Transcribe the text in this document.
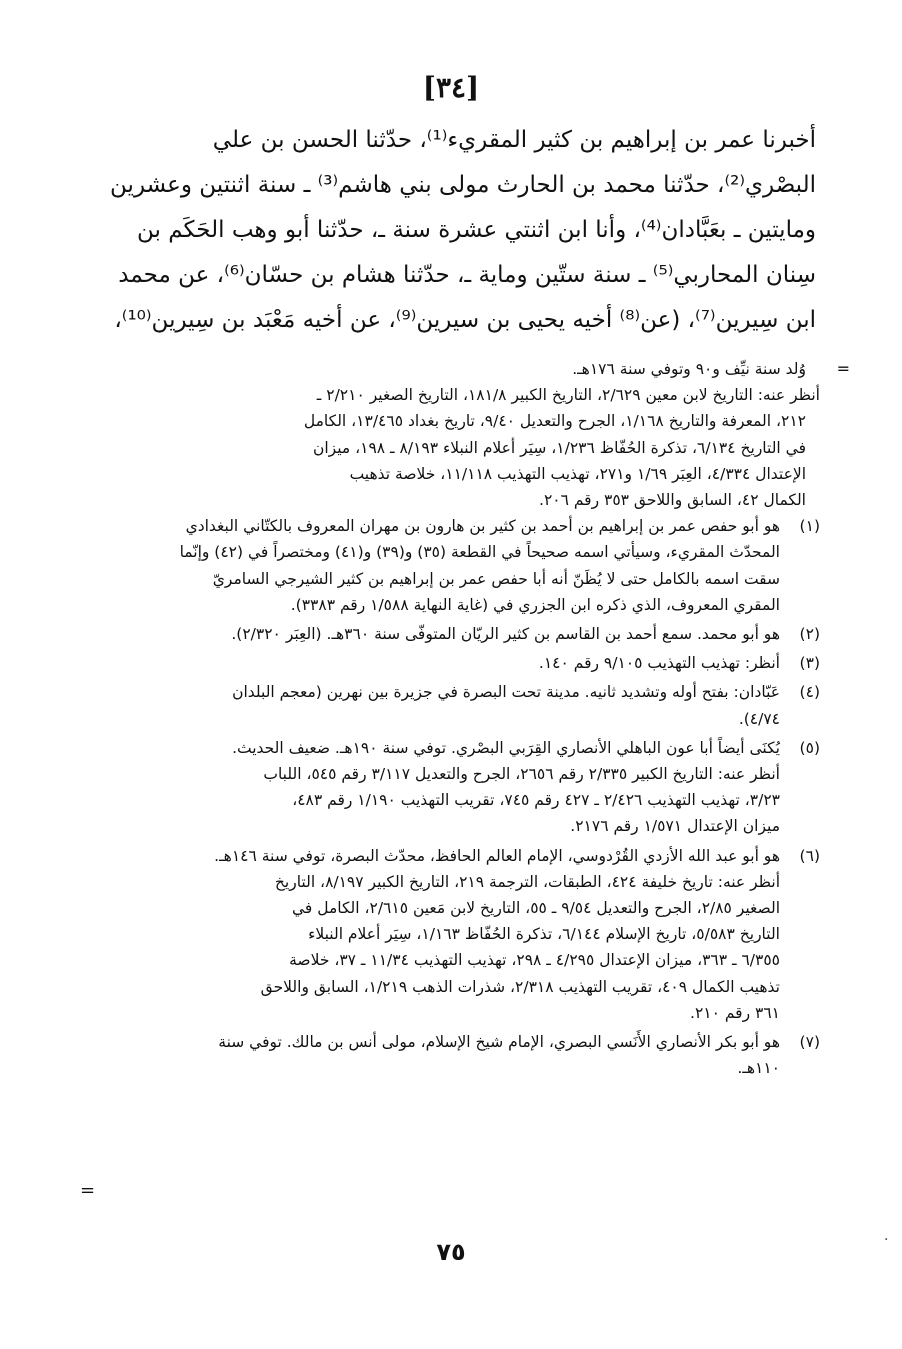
[٣٤]

أخبرنا عمر بن إبراهيم بن كثير المقريء⁽¹⁾، حدّثنا الحسن بن علي

البصْري⁽²⁾، حدّثنا محمد بن الحارث مولى بني هاشم⁽³⁾ ـ سنة اثنتين وعشرين

ومايتين ـ بعَبَّادان⁽⁴⁾، وأنا ابن اثنتي عشرة سنة ـ، حدّثنا أبو وهب الحَكَم بن

سِنان المحاربي⁽⁵⁾ ـ سنة ستّين وماية ـ، حدّثنا هشام بن حسّان⁽⁶⁾، عن محمد

ابن سِيرين⁽⁷⁾، (عن⁽⁸⁾ أخيه يحيى بن سيرين⁽⁹⁾، عن أخيه مَعْبَد بن سِيرين⁽¹⁰⁾،

=

وُلد سنة نيِّف و٩٠ وتوفي سنة ١٧٦هـ.

أنظر عنه: التاريخ لابن معين ٢/٦٢٩، التاريخ الكبير ١٨١/٨، التاريخ الصغير ٢/٢١٠ ـ

٢١٢، المعرفة والتاريخ ١/١٦٨، الجرح والتعديل ٩/٤٠، تاريخ بغداد ١٣/٤٦٥، الكامل

في التاريخ ٦/١٣٤، تذكرة الحُفّاظ ١/٢٣٦، سِيَر أعلام النبلاء ٨/١٩٣ ـ ١٩٨، ميزان

الإعتدال ٤/٣٣٤، العِبَر ١/٦٩ و٢٧١، تهذيب التهذيب ١١/١١٨، خلاصة تذهيب

الكمال ٤٢، السابق واللاحق ٣٥٣ رقم ٢٠٦.

(١)

هو أبو حفص عمر بن إبراهيم بن أحمد بن كثير بن هارون بن مهران المعروف بالكتّاني البغدادي

المحدّث المقريء، وسيأتي اسمه صحيحاً في القطعة (٣٥) و(٣٩) و(٤١) ومختصراً في (٤٢) وإنّما

سقت اسمه بالكامل حتى لا يُظَنّ أنه أبا حفص عمر بن إبراهيم بن كثير الشيرجي السامريّ

المقري المعروف، الذي ذكره ابن الجزري في (غاية النهاية ١/٥٨٨ رقم ٣٣٨٣).

(٢)

هو أبو محمد. سمع أحمد بن القاسم بن كثير الريّان المتوفّى سنة ٣٦٠هـ. (العِبَر ٢/٣٢٠).

(٣)

أنظر: تهذيب التهذيب ٩/١٠٥ رقم ١٤٠.

(٤)

عَبّادان: بفتح أوله وتشديد ثانيه. مدينة تحت البصرة في جزيرة بين نهرين (معجم البلدان

٤/٧٤).

(٥)

يُكنَى أيضاً أبا عون الباهلي الأنصاري القِرَبي البصْري. توفي سنة ١٩٠هـ. ضعيف الحديث.

أنظر عنه: التاريخ الكبير ٢/٣٣٥ رقم ٢٦٥٦، الجرح والتعديل ٣/١١٧ رقم ٥٤٥، اللباب

٣/٢٣، تهذيب التهذيب ٢/٤٢٦ ـ ٤٢٧ رقم ٧٤٥، تقريب التهذيب ١/١٩٠ رقم ٤٨٣،

ميزان الإعتدال ١/٥٧١ رقم ٢١٧٦.

(٦)

هو أبو عبد الله الأزدي القُرْدوسي، الإمام العالم الحافظ، محدّث البصرة، توفي سنة ١٤٦هـ.

أنظر عنه: تاريخ خليفة ٤٢٤، الطبقات، الترجمة ٢١٩، التاريخ الكبير ٨/١٩٧، التاريخ

الصغير ٢/٨٥، الجرح والتعديل ٩/٥٤ ـ ٥٥، التاريخ لابن مَعين ٢/٦١٥، الكامل في

التاريخ ٥/٥٨٣، تاريخ الإسلام ٦/١٤٤، تذكرة الحُفّاظ ١/١٦٣، سِيَر أعلام النبلاء

٦/٣٥٥ ـ ٣٦٣، ميزان الإعتدال ٤/٢٩٥ ـ ٢٩٨، تهذيب التهذيب ١١/٣٤ ـ ٣٧، خلاصة

تذهيب الكمال ٤٠٩، تقريب التهذيب ٢/٣١٨، شذرات الذهب ١/٢١٩، السابق واللاحق

٣٦١ رقم ٢١٠.

(٧)

هو أبو بكر الأنصاري الأَنَسي البصري، الإمام شيخ الإسلام، مولى أنس بن مالك. توفي سنة

١١٠هـ.

=
٧٥	·
